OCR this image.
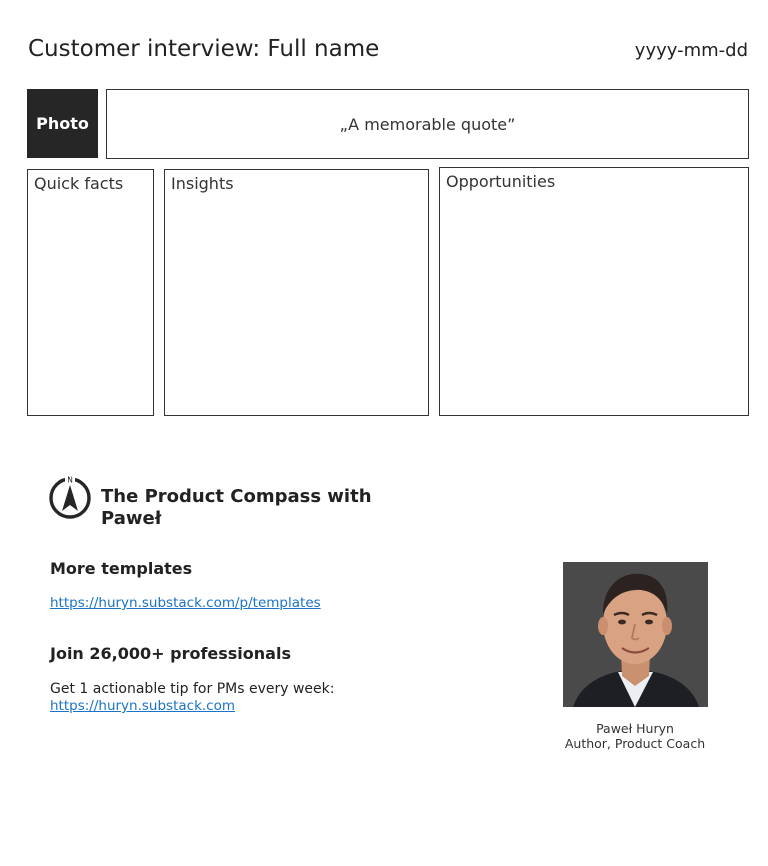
Customer interview: Full name	yyyy-mm-dd
Photo	„A memorable quote”
Quick facts	Insights	Opportunities
N
The Product Compass with Paweł
More templates
https://huryn.substack.com/p/templates
Join 26,000+ professionals
Get 1 actionable tip for PMs every week:
https://huryn.substack.com
Paweł Huryn
Author, Product Coach
